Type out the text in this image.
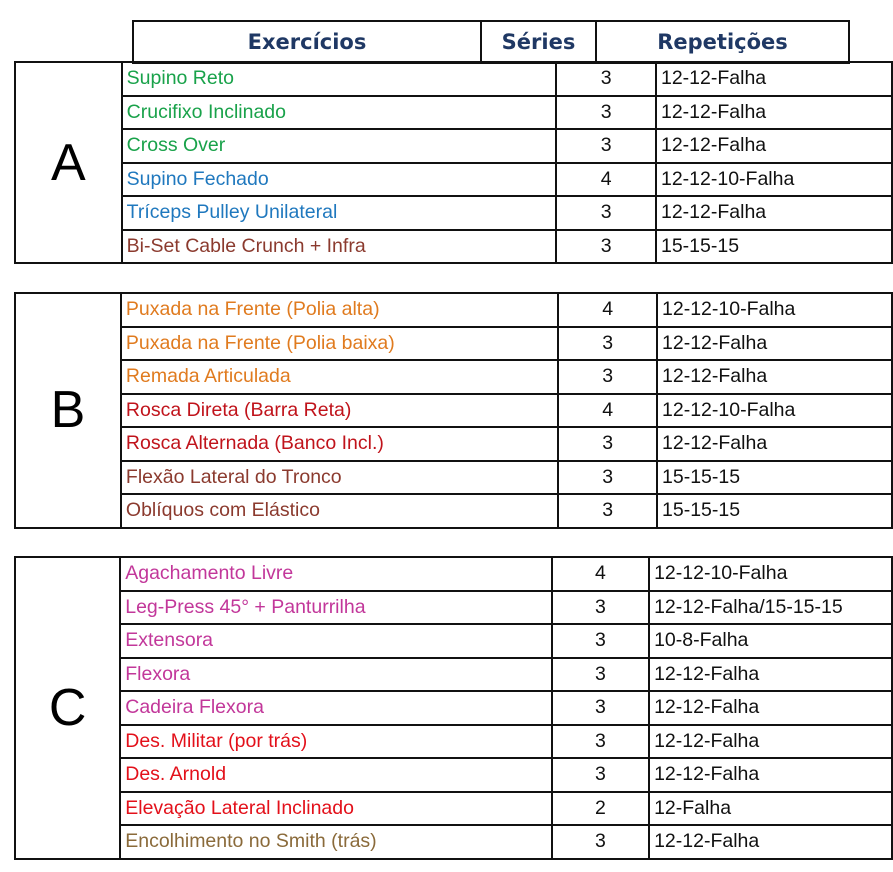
Exercícios	Séries	Repetições
A	Supino Reto	3	12-12-Falha
	Crucifixo Inclinado	3	12-12-Falha
	Cross Over	3	12-12-Falha
	Supino Fechado	4	12-12-10-Falha
	Tríceps Pulley Unilateral	3	12-12-Falha
	Bi-Set Cable Crunch + Infra	3	15-15-15
B	Puxada na Frente (Polia alta)	4	12-12-10-Falha
	Puxada na Frente (Polia baixa)	3	12-12-Falha
	Remada Articulada	3	12-12-Falha
	Rosca Direta (Barra Reta)	4	12-12-10-Falha
	Rosca Alternada (Banco Incl.)	3	12-12-Falha
	Flexão Lateral do Tronco	3	15-15-15
	Oblíquos com Elástico	3	15-15-15
C	Agachamento Livre	4	12-12-10-Falha
	Leg-Press 45° + Panturrilha	3	12-12-Falha/15-15-15
	Extensora	3	10-8-Falha
	Flexora	3	12-12-Falha
	Cadeira Flexora	3	12-12-Falha
	Des. Militar (por trás)	3	12-12-Falha
	Des. Arnold	3	12-12-Falha
	Elevação Lateral Inclinado	2	12-Falha
	Encolhimento no Smith (trás)	3	12-12-Falha
